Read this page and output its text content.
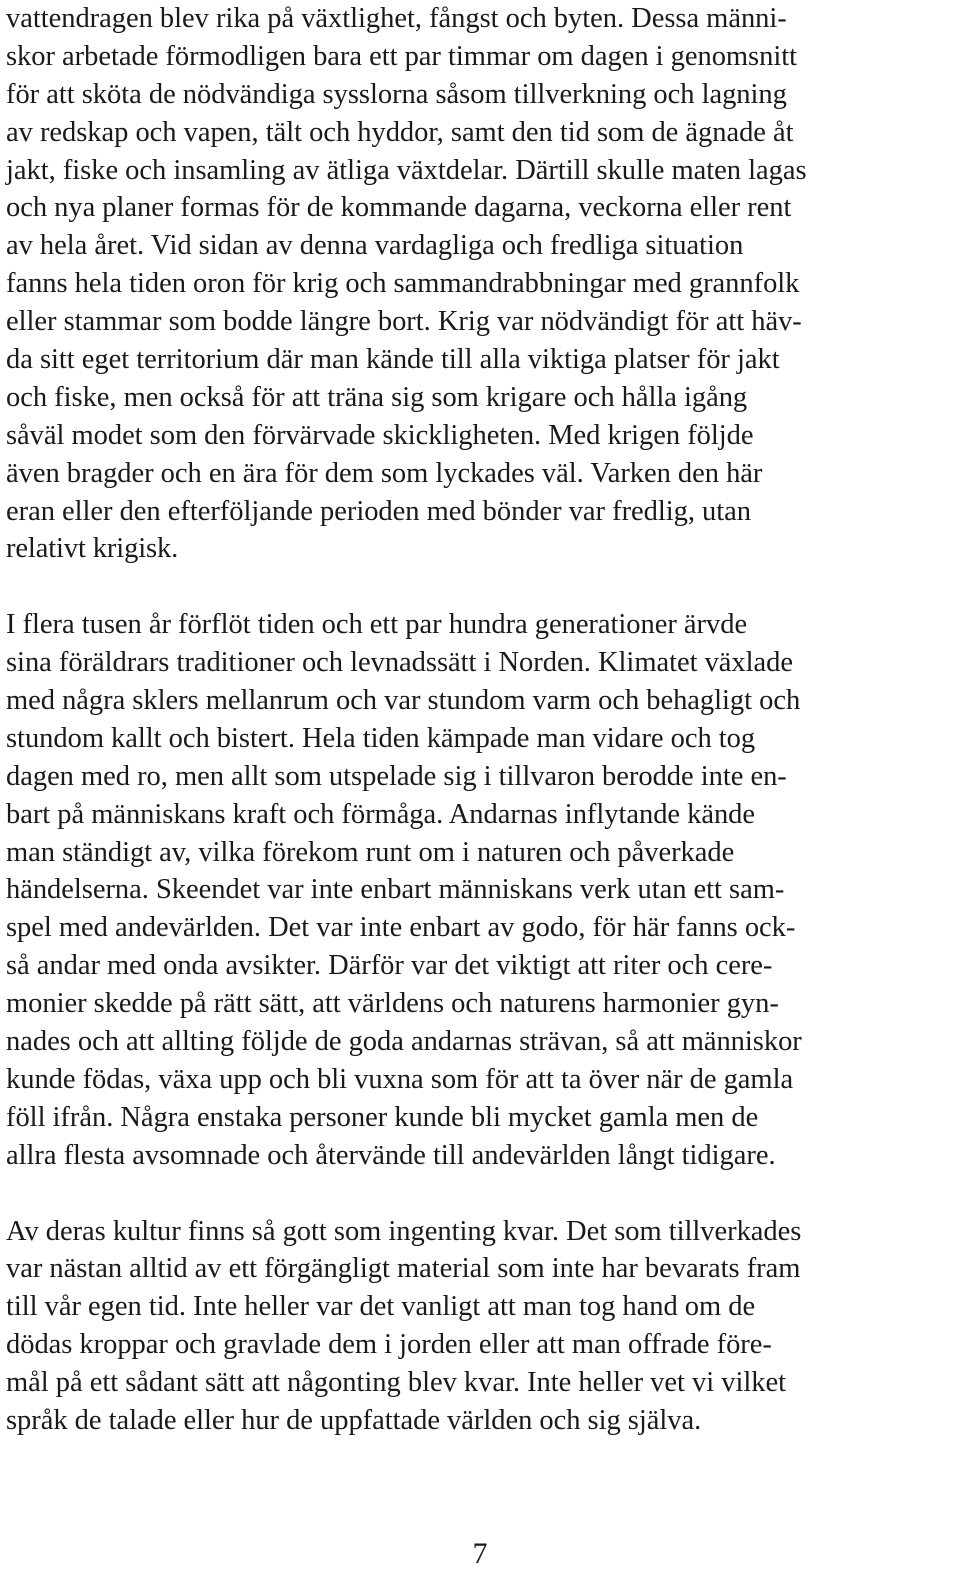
vattendragen blev rika på växtlighet, fångst och byten. Dessa männi-
skor arbetade förmodligen bara ett par timmar om dagen i genomsnitt
för att sköta de nödvändiga sysslorna såsom tillverkning och lagning
av redskap och vapen, tält och hyddor, samt den tid som de ägnade åt
jakt, fiske och insamling av ätliga växtdelar. Därtill skulle maten lagas
och nya planer formas för de kommande dagarna, veckorna eller rent
av hela året. Vid sidan av denna vardagliga och fredliga situation
fanns hela tiden oron för krig och sammandrabbningar med grannfolk
eller stammar som bodde längre bort. Krig var nödvändigt för att häv-
da sitt eget territorium där man kände till alla viktiga platser för jakt
och fiske, men också för att träna sig som krigare och hålla igång
såväl modet som den förvärvade skickligheten. Med krigen följde
även bragder och en ära för dem som lyckades väl. Varken den här
eran eller den efterföljande perioden med bönder var fredlig, utan
relativt krigisk.

I flera tusen år förflöt tiden och ett par hundra generationer ärvde
sina föräldrars traditioner och levnadssätt i Norden. Klimatet växlade
med några sklers mellanrum och var stundom varm och behagligt och
stundom kallt och bistert. Hela tiden kämpade man vidare och tog
dagen med ro, men allt som utspelade sig i tillvaron berodde inte en-
bart på människans kraft och förmåga. Andarnas inflytande kände
man ständigt av, vilka förekom runt om i naturen och påverkade
händelserna. Skeendet var inte enbart människans verk utan ett sam-
spel med andevärlden. Det var inte enbart av godo, för här fanns ock-
så andar med onda avsikter. Därför var det viktigt att riter och cere-
monier skedde på rätt sätt, att världens och naturens harmonier gyn-
nades och att allting följde de goda andarnas strävan, så att människor
kunde födas, växa upp och bli vuxna som för att ta över när de gamla
föll ifrån. Några enstaka personer kunde bli mycket gamla men de
allra flesta avsomnade och återvände till andevärlden långt tidigare.

Av deras kultur finns så gott som ingenting kvar. Det som tillverkades
var nästan alltid av ett förgängligt material som inte har bevarats fram
till vår egen tid. Inte heller var det vanligt att man tog hand om de
dödas kroppar och gravlade dem i jorden eller att man offrade före-
mål på ett sådant sätt att någonting blev kvar. Inte heller vet vi vilket
språk de talade eller hur de uppfattade världen och sig själva.

7
